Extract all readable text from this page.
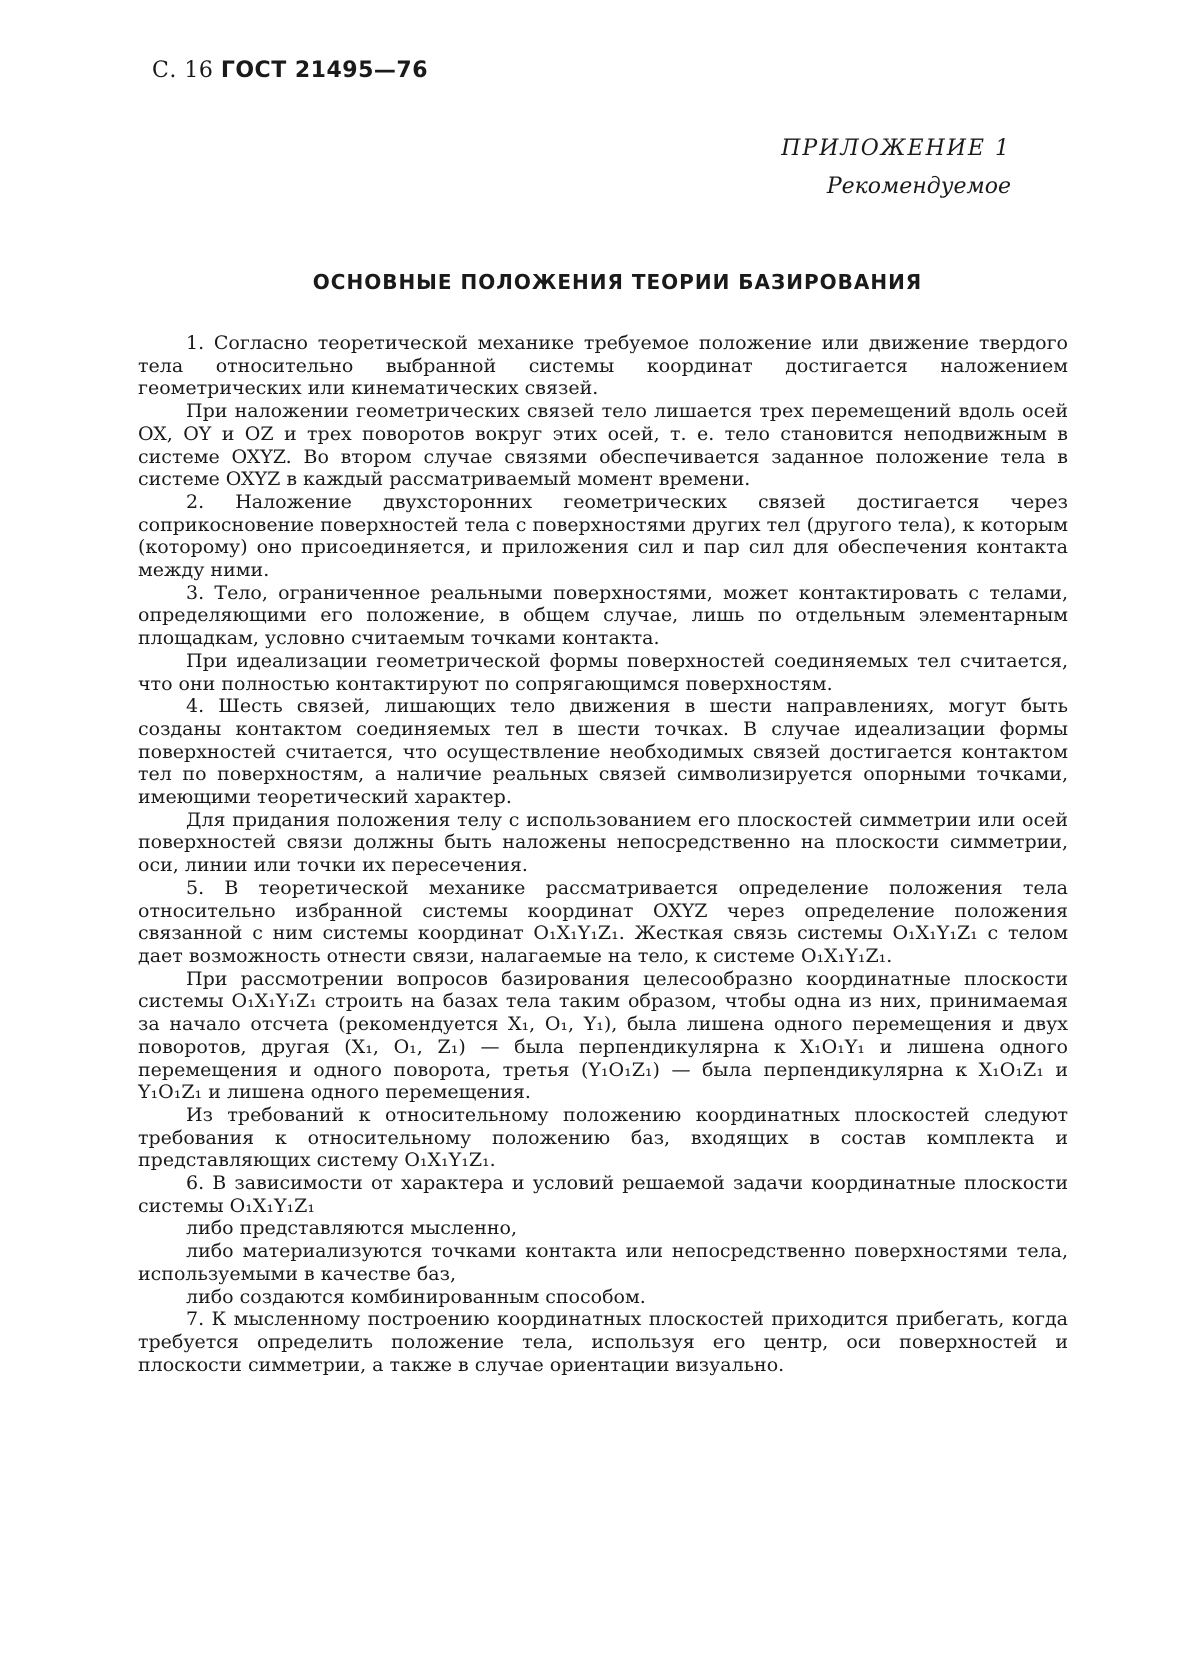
С. 16 ГОСТ 21495—76
ПРИЛОЖЕНИЕ 1
Рекомендуемое
ОСНОВНЫЕ ПОЛОЖЕНИЯ ТЕОРИИ БАЗИРОВАНИЯ

1. Согласно теоретической механике требуемое положение или движение твердого тела относительно выбранной системы координат достигается наложением геометрических или кинематических связей.

При наложении геометрических связей тело лишается трех перемещений вдоль осей OX, OY и OZ и трех поворотов вокруг этих осей, т. е. тело становится неподвижным в системе OXYZ. Во втором случае связями обеспечивается заданное положение тела в системе OXYZ в каждый рассматриваемый момент времени.

2. Наложение двухсторонних геометрических связей достигается через соприкосновение поверхностей тела с поверхностями других тел (другого тела), к которым (которому) оно присоединяется, и приложения сил и пар сил для обеспечения контакта между ними.

3. Тело, ограниченное реальными поверхностями, может контактировать с телами, определяющими его положение, в общем случае, лишь по отдельным элементарным площадкам, условно считаемым точками контакта.

При идеализации геометрической формы поверхностей соединяемых тел считается, что они полностью контактируют по сопрягающимся поверхностям.

4. Шесть связей, лишающих тело движения в шести направлениях, могут быть созданы контактом соединяемых тел в шести точках. В случае идеализации формы поверхностей считается, что осуществление необходимых связей достигается контактом тел по поверхностям, а наличие реальных связей символизируется опорными точками, имеющими теоретический характер.

Для придания положения телу с использованием его плоскостей симметрии или осей поверхностей связи должны быть наложены непосредственно на плоскости симметрии, оси, линии или точки их пересечения.

5. В теоретической механике рассматривается определение положения тела относительно избранной системы координат OXYZ через определение положения связанной с ним системы координат O₁X₁Y₁Z₁. Жесткая связь системы O₁X₁Y₁Z₁ с телом дает возможность отнести связи, налагаемые на тело, к системе O₁X₁Y₁Z₁.

При рассмотрении вопросов базирования целесообразно координатные плоскости системы O₁X₁Y₁Z₁ строить на базах тела таким образом, чтобы одна из них, принимаемая за начало отсчета (рекомендуется X₁, O₁, Y₁), была лишена одного перемещения и двух поворотов, другая (X₁, O₁, Z₁) — была перпендикулярна к X₁O₁Y₁ и лишена одного перемещения и одного поворота, третья (Y₁O₁Z₁) — была перпендикулярна к X₁O₁Z₁ и Y₁O₁Z₁ и лишена одного перемещения.

Из требований к относительному положению координатных плоскостей следуют требования к относительному положению баз, входящих в состав комплекта и представляющих систему O₁X₁Y₁Z₁.

6. В зависимости от характера и условий решаемой задачи координатные плоскости системы O₁X₁Y₁Z₁

либо представляются мысленно,

либо материализуются точками контакта или непосредственно поверхностями тела, используемыми в качестве баз,

либо создаются комбинированным способом.

7. К мысленному построению координатных плоскостей приходится прибегать, когда требуется определить положение тела, используя его центр, оси поверхностей и плоскости симметрии, а также в случае ориентации визуально.
